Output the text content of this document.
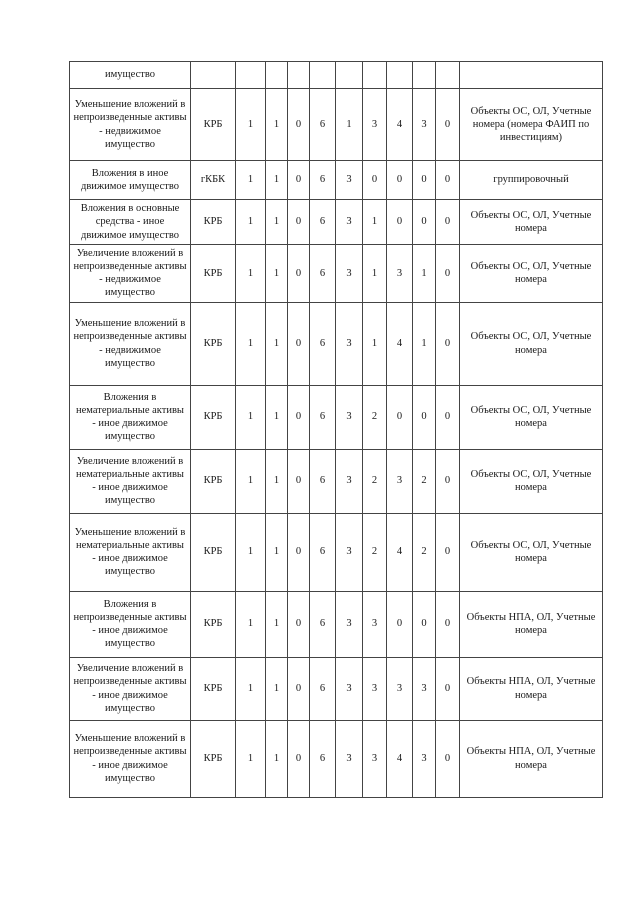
имущество											
Уменьшение вложений в непроизведенные активы - недвижимое имущество	КРБ	1	1	0	6	1	3	4	3	0	Объекты ОС, ОЛ, Учетные номера (номера ФАИП по инвестициям)
Вложения в иное движимое имущество	гКБК	1	1	0	6	3	0	0	0	0	группировочный
Вложения в основные средства - иное движимое имущество	КРБ	1	1	0	6	3	1	0	0	0	Объекты ОС, ОЛ, Учетные номера
Увеличение вложений в непроизведенные активы - недвижимое имущество	КРБ	1	1	0	6	3	1	3	1	0	Объекты ОС, ОЛ, Учетные номера
Уменьшение вложений в непроизведенные активы - недвижимое имущество	КРБ	1	1	0	6	3	1	4	1	0	Объекты ОС, ОЛ, Учетные номера
Вложения в нематериальные активы - иное движимое имущество	КРБ	1	1	0	6	3	2	0	0	0	Объекты ОС, ОЛ, Учетные номера
Увеличение вложений в нематериальные активы - иное движимое имущество	КРБ	1	1	0	6	3	2	3	2	0	Объекты ОС, ОЛ, Учетные номера
Уменьшение вложений в нематериальные активы - иное движимое имущество	КРБ	1	1	0	6	3	2	4	2	0	Объекты ОС, ОЛ, Учетные номера
Вложения в непроизведенные активы - иное движимое имущество	КРБ	1	1	0	6	3	3	0	0	0	Объекты НПА, ОЛ, Учетные номера
Увеличение вложений в непроизведенные активы - иное движимое имущество	КРБ	1	1	0	6	3	3	3	3	0	Объекты НПА, ОЛ, Учетные номера
Уменьшение вложений в непроизведенные активы - иное движимое имущество	КРБ	1	1	0	6	3	3	4	3	0	Объекты НПА, ОЛ, Учетные номера
